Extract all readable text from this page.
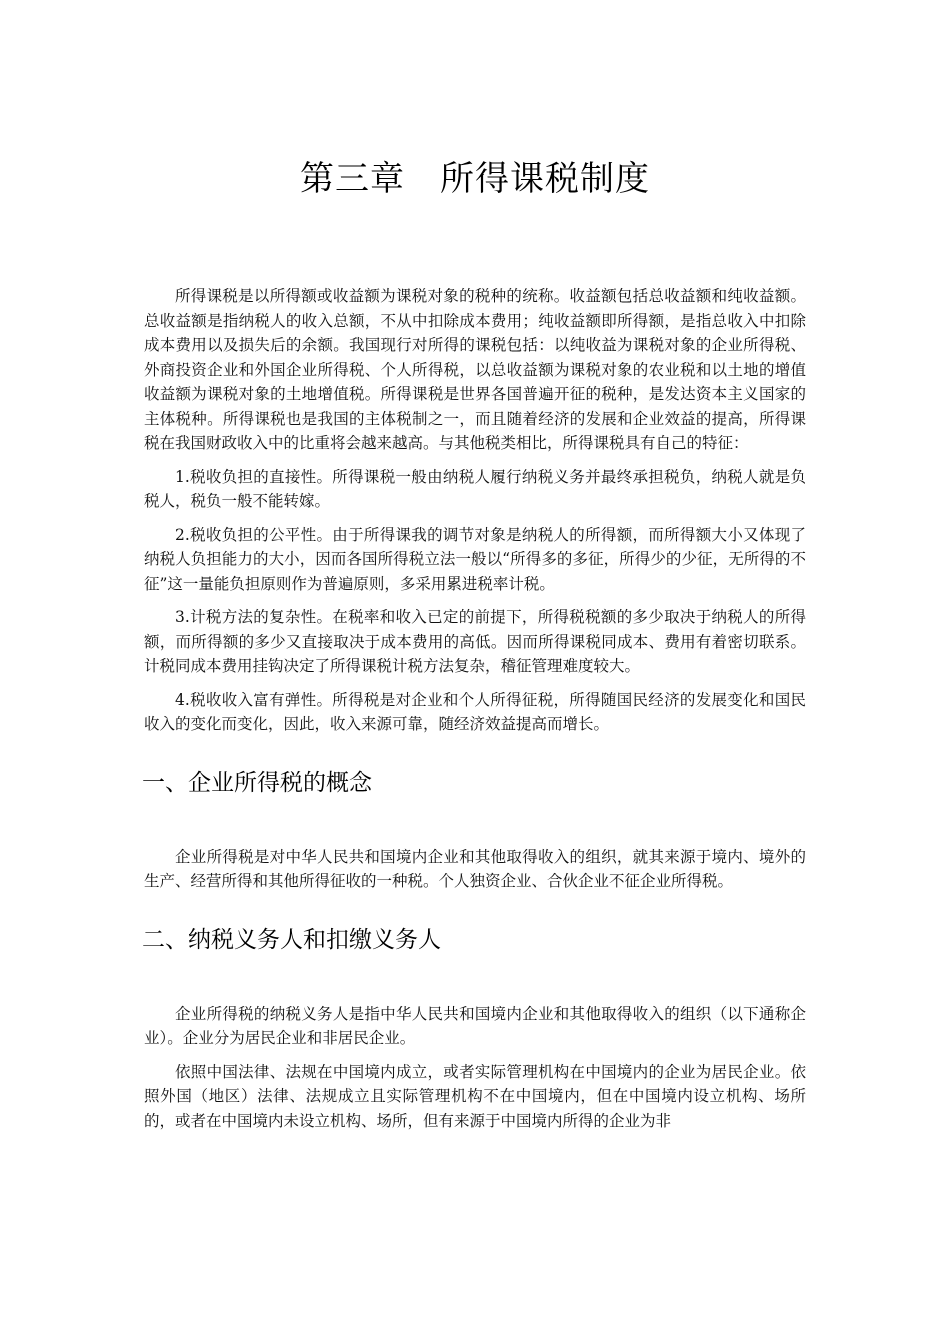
第三章　所得课税制度

所得课税是以所得额或收益额为课税对象的税种的统称。收益额包括总收益额和纯收益额。总收益额是指纳税人的收入总额，不从中扣除成本费用；纯收益额即所得额，是指总收入中扣除成本费用以及损失后的余额。我国现行对所得的课税包括：以纯收益为课税对象的企业所得税、外商投资企业和外国企业所得税、个人所得税，以总收益额为课税对象的农业税和以土地的增值收益额为课税对象的土地增值税。所得课税是世界各国普遍开征的税种，是发达资本主义国家的主体税种。所得课税也是我国的主体税制之一，而且随着经济的发展和企业效益的提高，所得课税在我国财政收入中的比重将会越来越高。与其他税类相比，所得课税具有自己的特征：

1.税收负担的直接性。所得课税一般由纳税人履行纳税义务并最终承担税负，纳税人就是负税人，税负一般不能转嫁。

2.税收负担的公平性。由于所得课我的调节对象是纳税人的所得额，而所得额大小又体现了纳税人负担能力的大小，因而各国所得税立法一般以“所得多的多征，所得少的少征，无所得的不征”这一量能负担原则作为普遍原则，多采用累进税率计税。

3.计税方法的复杂性。在税率和收入已定的前提下，所得税税额的多少取决于纳税人的所得额，而所得额的多少又直接取决于成本费用的高低。因而所得课税同成本、费用有着密切联系。计税同成本费用挂钩决定了所得课税计税方法复杂，稽征管理难度较大。

4.税收收入富有弹性。所得税是对企业和个人所得征税，所得随国民经济的发展变化和国民收入的变化而变化，因此，收入来源可靠，随经济效益提高而增长。

一、企业所得税的概念

企业所得税是对中华人民共和国境内企业和其他取得收入的组织，就其来源于境内、境外的生产、经营所得和其他所得征收的一种税。个人独资企业、合伙企业不征企业所得税。

二、纳税义务人和扣缴义务人

企业所得税的纳税义务人是指中华人民共和国境内企业和其他取得收入的组织（以下通称企业）。企业分为居民企业和非居民企业。

依照中国法律、法规在中国境内成立，或者实际管理机构在中国境内的企业为居民企业。依照外国（地区）法律、法规成立且实际管理机构不在中国境内，但在中国境内设立机构、场所的，或者在中国境内未设立机构、场所，但有来源于中国境内所得的企业为非
